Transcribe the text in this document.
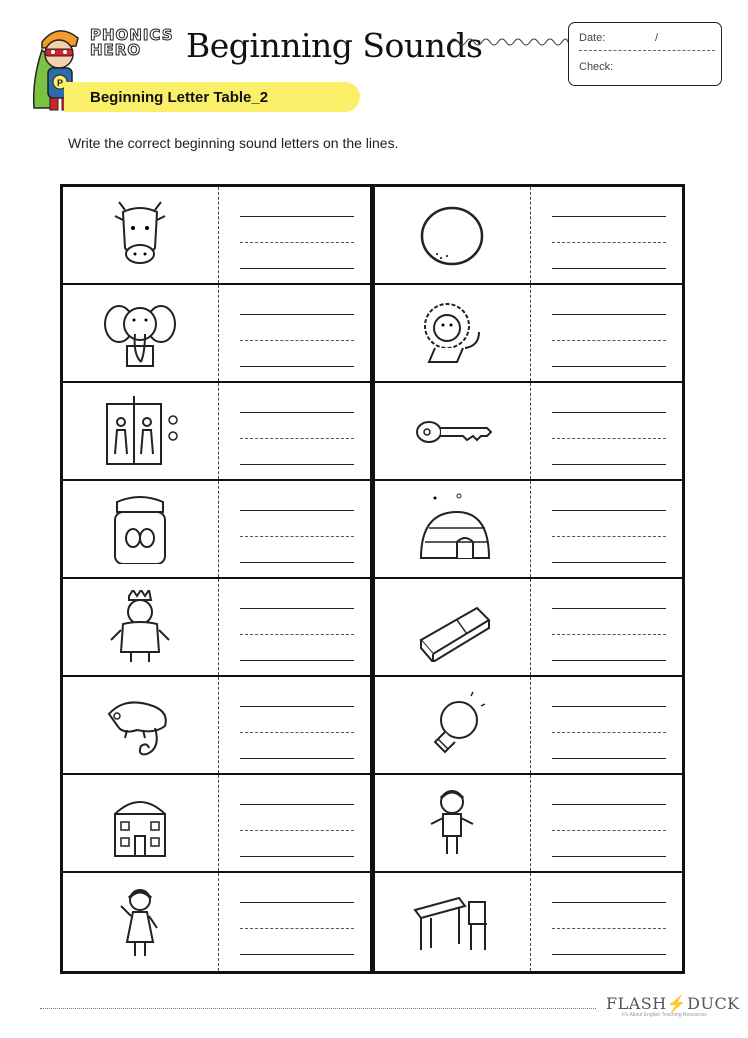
P
PHONICS
HERO	Beginning Sounds	Date:	/
Check:
Beginning Letter Table_2
Write the correct beginning sound letters on the lines.
FLASH⚡DUCK
It's About English Teaching Resources
